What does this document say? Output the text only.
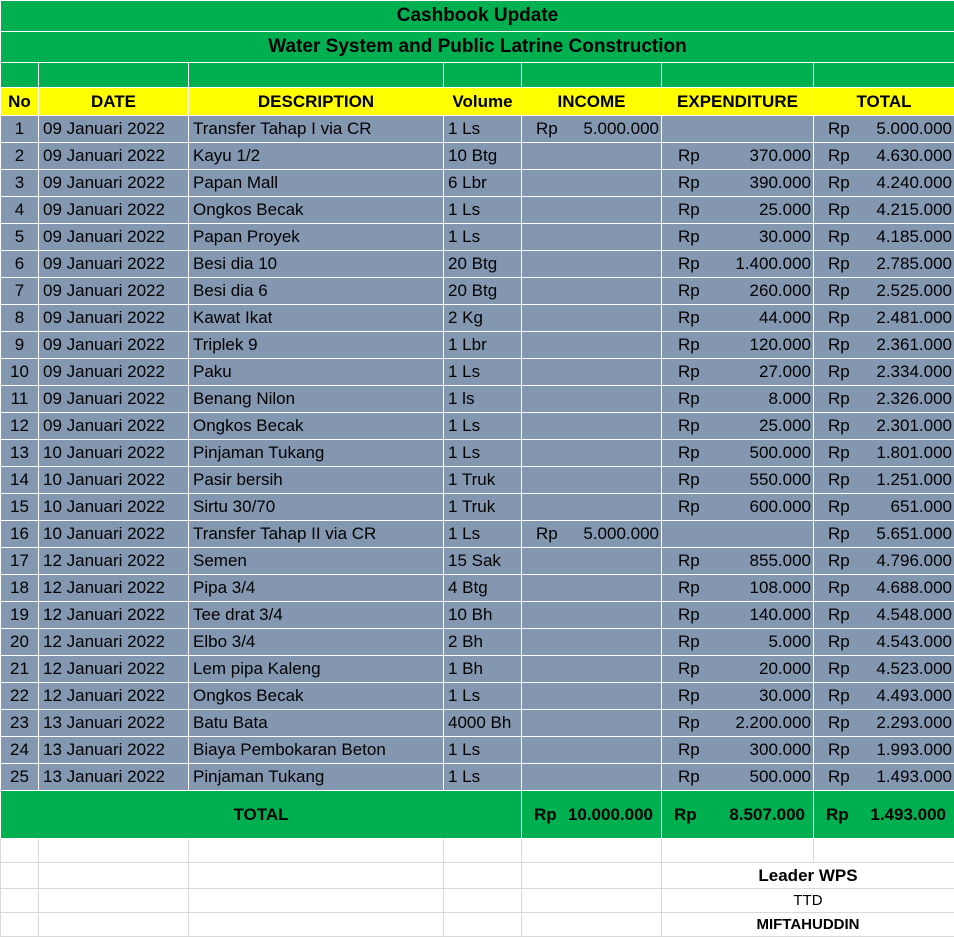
Cashbook Update						
Water System and Public Latrine Construction						

No	DATE	DESCRIPTION	Volume	INCOME	EXPENDITURE	TOTAL
1	09 Januari 2022	Transfer Tahap I via CR	1 Ls	Rp 5.000.000		Rp 5.000.000

2	09 Januari 2022	Kayu 1/2	10 Btg		Rp 370.000	Rp 4.630.000

3	09 Januari 2022	Papan Mall	6 Lbr		Rp 390.000	Rp 4.240.000

4	09 Januari 2022	Ongkos Becak	1 Ls		Rp 25.000	Rp 4.215.000

5	09 Januari 2022	Papan Proyek	1 Ls		Rp 30.000	Rp 4.185.000

6	09 Januari 2022	Besi dia 10	20 Btg		Rp 1.400.000	Rp 2.785.000

7	09 Januari 2022	Besi dia 6	20 Btg		Rp 260.000	Rp 2.525.000

8	09 Januari 2022	Kawat Ikat	2 Kg		Rp 44.000	Rp 2.481.000

9	09 Januari 2022	Triplek 9	1 Lbr		Rp 120.000	Rp 2.361.000

10	09 Januari 2022	Paku	1 Ls		Rp 27.000	Rp 2.334.000

11	09 Januari 2022	Benang Nilon	1 ls		Rp 8.000	Rp 2.326.000

12	09 Januari 2022	Ongkos Becak	1 Ls		Rp 25.000	Rp 2.301.000

13	10 Januari 2022	Pinjaman Tukang	1 Ls		Rp 500.000	Rp 1.801.000

14	10 Januari 2022	Pasir bersih	1 Truk		Rp 550.000	Rp 1.251.000

15	10 Januari 2022	Sirtu 30/70	1 Truk		Rp 600.000	Rp 651.000

16	10 Januari 2022	Transfer Tahap II via CR	1 Ls	Rp 5.000.000		Rp 5.651.000

17	12 Januari 2022	Semen	15 Sak		Rp 855.000	Rp 4.796.000

18	12 Januari 2022	Pipa 3/4	4 Btg		Rp 108.000	Rp 4.688.000

19	12 Januari 2022	Tee drat 3/4	10 Bh		Rp 140.000	Rp 4.548.000

20	12 Januari 2022	Elbo 3/4	2 Bh		Rp 5.000	Rp 4.543.000

21	12 Januari 2022	Lem pipa Kaleng	1 Bh		Rp 20.000	Rp 4.523.000

22	12 Januari 2022	Ongkos Becak	1 Ls		Rp 30.000	Rp 4.493.000

23	13 Januari 2022	Batu Bata	4000 Bh		Rp 2.200.000	Rp 2.293.000

24	13 Januari 2022	Biaya Pembokaran Beton	1 Ls		Rp 300.000	Rp 1.993.000

25	13 Januari 2022	Pinjaman Tukang	1 Ls		Rp 500.000	Rp 1.493.000

TOTAL				Rp 10.000.000	Rp 8.507.000	Rp 1.493.000

					Leader WPS	
					TTD	
					MIFTAHUDDIN	
